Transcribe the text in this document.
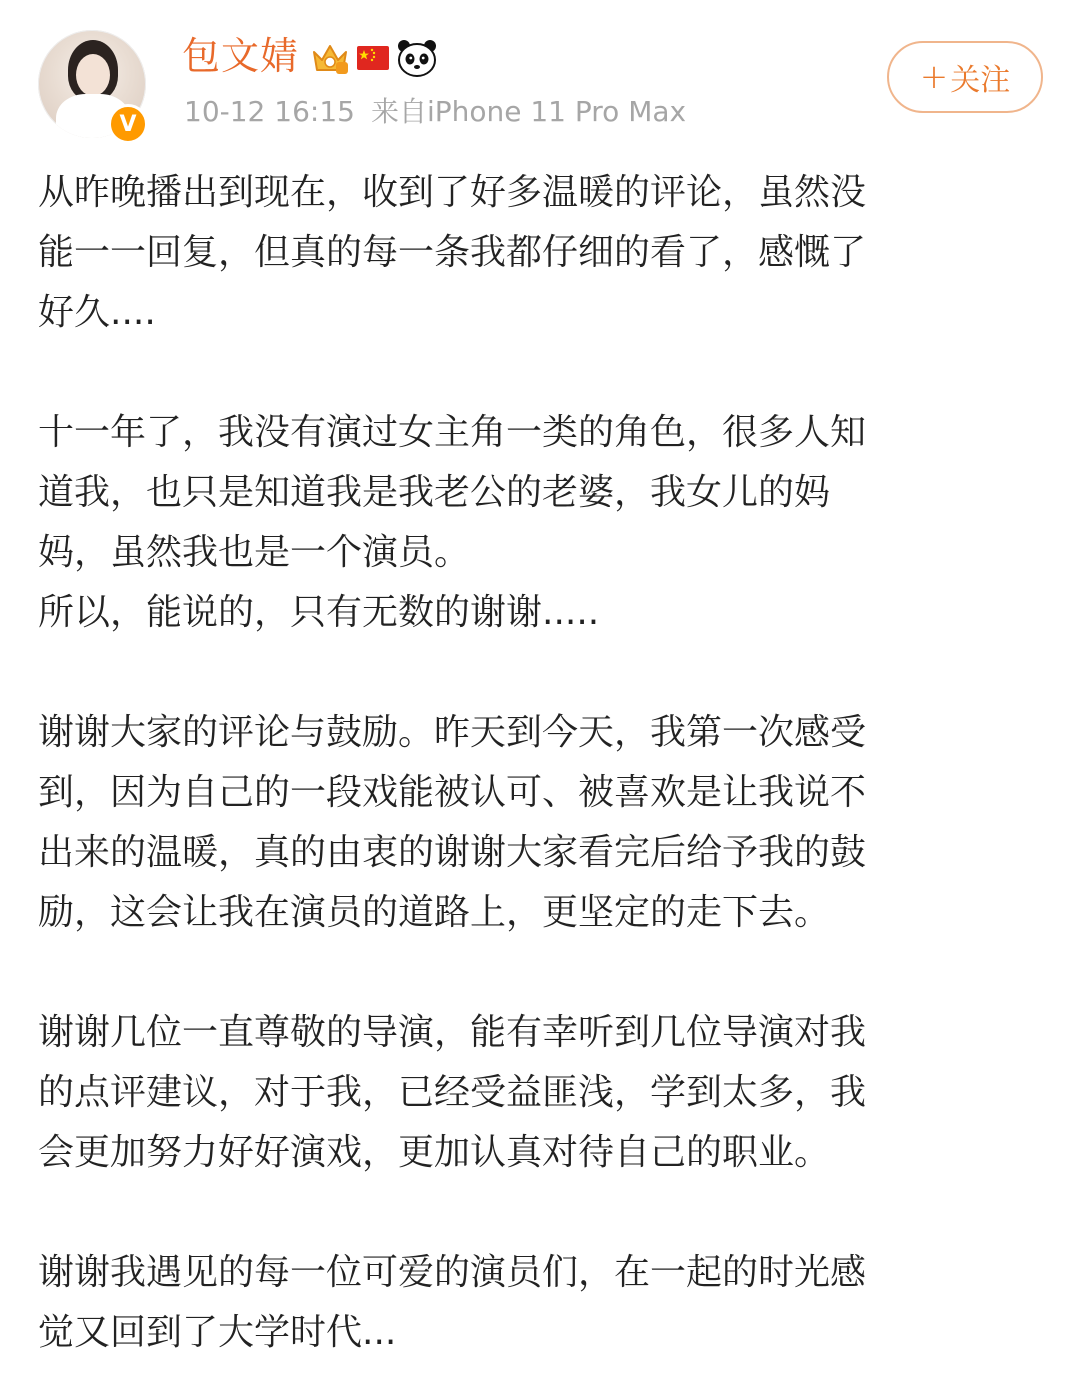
V
包文婧
10-12 16:15 来自iPhone 11 Pro Max
+ 关注

从昨晚播出到现在，收到了好多温暖的评论，虽然没

能一一回复，但真的每一条我都仔细的看了，感慨了

好久....

十一年了，我没有演过女主角一类的角色，很多人知

道我，也只是知道我是我老公的老婆，我女儿的妈

妈，虽然我也是一个演员。

所以，能说的，只有无数的谢谢.....

谢谢大家的评论与鼓励。昨天到今天，我第一次感受

到，因为自己的一段戏能被认可、被喜欢是让我说不

出来的温暖，真的由衷的谢谢大家看完后给予我的鼓

励，这会让我在演员的道路上，更坚定的走下去。

谢谢几位一直尊敬的导演，能有幸听到几位导演对我

的点评建议，对于我，已经受益匪浅，学到太多，我

会更加努力好好演戏，更加认真对待自己的职业。

谢谢我遇见的每一位可爱的演员们，在一起的时光感

觉又回到了大学时代...
